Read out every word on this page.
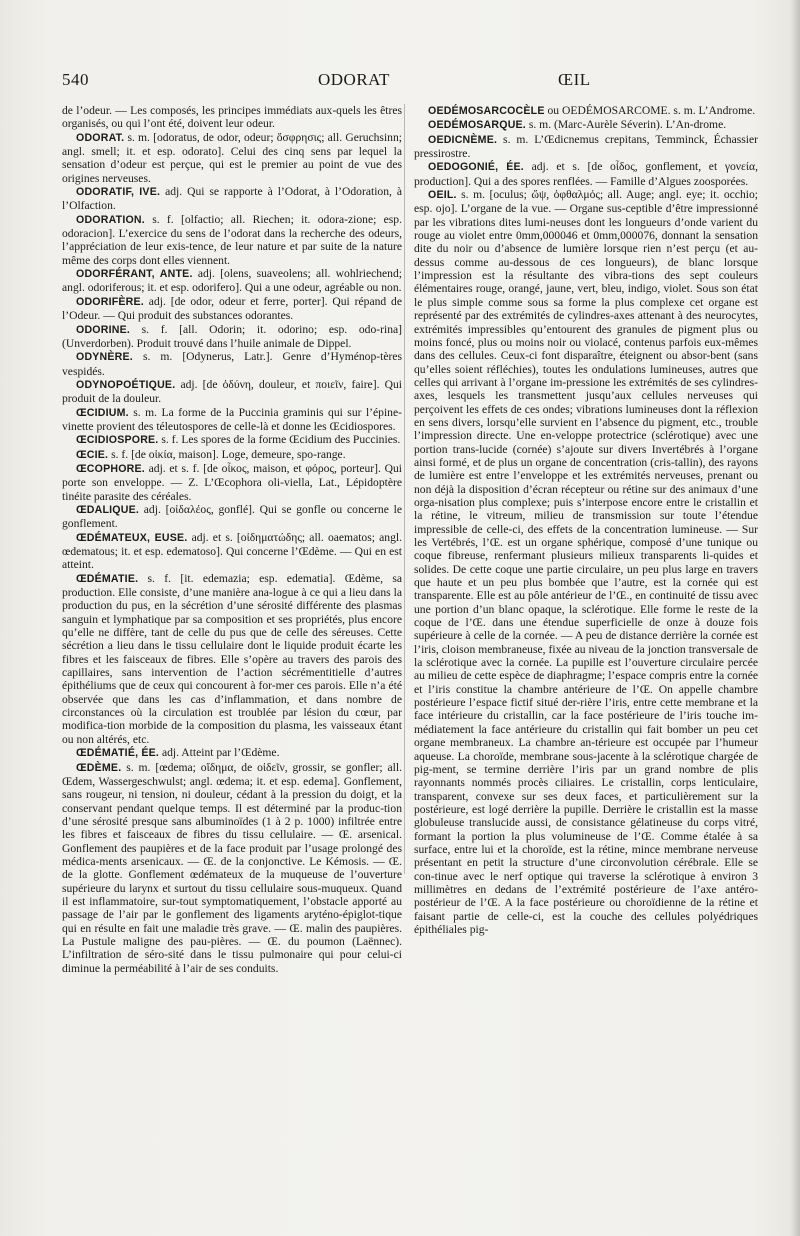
540	ODORAT	ŒIL

de l’odeur. — Les composés, les principes immédiats aux-quels les êtres organisés, ou qui l’ont été, doivent leur odeur.

ODORAT. s. m. [odoratus, de odor, odeur; ὄσφρησις; all. Geruchsinn; angl. smell; it. et esp. odorato]. Celui des cinq sens par lequel la sensation d’odeur est perçue, qui est le premier au point de vue des origines nerveuses.

ODORATIF, IVE. adj. Qui se rapporte à l’Odorat, à l’Odoration, à l’Olfaction.

ODORATION. s. f. [olfactio; all. Riechen; it. odora-zione; esp. odoracion]. L’exercice du sens de l’odorat dans la recherche des odeurs, l’appréciation de leur exis-tence, de leur nature et par suite de la nature même des corps dont elles viennent.

ODORFÉRANT, ANTE. adj. [olens, suaveolens; all. wohlriechend; angl. odoriferous; it. et esp. odorifero]. Qui a une odeur, agréable ou non.

ODORIFÈRE. adj. [de odor, odeur et ferre, porter]. Qui répand de l’Odeur. — Qui produit des substances odorantes.

ODORINE. s. f. [all. Odorin; it. odorino; esp. odo-rina] (Unverdorben). Produit trouvé dans l’huile animale de Dippel.

ODYNÈRE. s. m. [Odynerus, Latr.]. Genre d’Hyménop-tères vespidés.

ODYNOPOÉTIQUE. adj. [de ὀδύνη, douleur, et ποιεῖν, faire]. Qui produit de la douleur.

ŒCIDIUM. s. m. La forme de la Puccinia graminis qui sur l’épine-vinette provient des téleutospores de celle-là et donne les Œcidiospores.

ŒCIDIOSPORE. s. f. Les spores de la forme Œcidium des Puccinies.

ŒCIE. s. f. [de οἰκία, maison]. Loge, demeure, spo-range.

ŒCOPHORE. adj. et s. f. [de οἶκος, maison, et φόρος, porteur]. Qui porte son enveloppe. — Z. L’Œcophora oli-viella, Lat., Lépidoptère tinéite parasite des céréales.

ŒDALIQUE. adj. [οἰδαλέος, gonflé]. Qui se gonfle ou concerne le gonflement.

ŒDÉMATEUX, EUSE. adj. et s. [οἰδηματώδης; all. oaematos; angl. œdematous; it. et esp. edematoso]. Qui concerne l’Œdème. — Qui en est atteint.

ŒDÉMATIE. s. f. [it. edemazia; esp. edematia]. Œdème, sa production. Elle consiste, d’une manière ana-logue à ce qui a lieu dans la production du pus, en la sécrétion d’une sérosité différente des plasmas sanguin et lymphatique par sa composition et ses propriétés, plus encore qu’elle ne diffère, tant de celle du pus que de celle des séreuses. Cette sécrétion a lieu dans le tissu cellulaire dont le liquide produit écarte les fibres et les faisceaux de fibres. Elle s’opère au travers des parois des capillaires, sans intervention de l’action sécrémentitielle d’autres épithéliums que de ceux qui concourent à for-mer ces parois. Elle n’a été observée que dans les cas d’inflammation, et dans nombre de circonstances où la circulation est troublée par lésion du cœur, par modifica-tion morbide de la composition du plasma, les vaisseaux étant ou non altérés, etc.

ŒDÉMATIÉ, ÉE. adj. Atteint par l’Œdème.

ŒDÈME. s. m. [œdema; οἴδημα, de οἰδεῖν, grossir, se gonfler; all. Œdem, Wassergeschwulst; angl. œdema; it. et esp. edema]. Gonflement, sans rougeur, ni tension, ni douleur, cédant à la pression du doigt, et la conservant pendant quelque temps. Il est déterminé par la produc-tion d’une sérosité presque sans albuminoïdes (1 à 2 p. 1000) infiltrée entre les fibres et faisceaux de fibres du tissu cellulaire. — Œ. arsenical. Gonflement des paupières et de la face produit par l’usage prolongé des médica-ments arsenicaux. — Œ. de la conjonctive. Le Kémosis. — Œ. de la glotte. Gonflement œdémateux de la muqueuse de l’ouverture supérieure du larynx et surtout du tissu cellulaire sous-muqueux. Quand il est inflammatoire, sur-tout symptomatiquement, l’obstacle apporté au passage de l’air par le gonflement des ligaments aryténo-épiglot-tique qui en résulte en fait une maladie très grave. — Œ. malin des paupières. La Pustule maligne des pau-pières. — Œ. du poumon (Laënnec). L’infiltration de séro-sité dans le tissu pulmonaire qui pour celui-ci diminue la perméabilité à l’air de ses conduits.

OEDÉMOSARCOCÈLE ou OEDÉMOSARCOME. s. m. L’Androme.

OEDÉMOSARQUE. s. m. (Marc-Aurèle Séverin). L’An-drome.

OEDICNÈME. s. m. L’Œdicnemus crepitans, Temminck, Échassier pressirostre.

OEDOGONIÉ, ÉE. adj. et s. [de οἶδος, gonflement, et γονεία, production]. Qui a des spores renflées. — Famille d’Algues zoosporées.

OEIL. s. m. [oculus; ὤψ, ὀφθαλμός; all. Auge; angl. eye; it. occhio; esp. ojo]. L’organe de la vue. — Organe sus-ceptible d’être impressionné par les vibrations dites lumi-neuses dont les longueurs d’onde varient du rouge au violet entre 0mm,000046 et 0mm,000076, donnant la sensation dite du noir ou d’absence de lumière lorsque rien n’est perçu (et au-dessus comme au-dessous de ces longueurs), de blanc lorsque l’impression est la résultante des vibra-tions des sept couleurs élémentaires rouge, orangé, jaune, vert, bleu, indigo, violet. Sous son état le plus simple comme sous sa forme la plus complexe cet organe est représenté par des extrémités de cylindres-axes attenant à des neurocytes, extrémités impressibles qu’entourent des granules de pigment plus ou moins foncé, plus ou moins noir ou violacé, contenus parfois eux-mêmes dans des cellules. Ceux-ci font disparaître, éteignent ou absor-bent (sans qu’elles soient réfléchies), toutes les ondulations lumineuses, autres que celles qui arrivant à l’organe im-pressione les extrémités de ses cylindres-axes, lesquels les transmettent jusqu’aux cellules nerveuses qui perçoivent les effets de ces ondes; vibrations lumineuses dont la réflexion en sens divers, lorsqu’elle survient en l’absence du pigment, etc., trouble l’impression directe. Une en-veloppe protectrice (sclérotique) avec une portion trans-lucide (cornée) s’ajoute sur divers Invertébrés à l’organe ainsi formé, et de plus un organe de concentration (cris-tallin), des rayons de lumière est entre l’enveloppe et les extrémités nerveuses, prenant ou non déjà la disposition d’écran récepteur ou rétine sur des animaux d’une orga-nisation plus complexe; puis s’interpose encore entre le cristallin et la rétine, le vitreum, milieu de transmission sur toute l’étendue impressible de celle-ci, des effets de la concentration lumineuse. — Sur les Vertébrés, l’Œ. est un organe sphérique, composé d’une tunique ou coque fibreuse, renfermant plusieurs milieux transparents li-quides et solides. De cette coque une partie circulaire, un peu plus large en travers que haute et un peu plus bombée que l’autre, est la cornée qui est transparente. Elle est au pôle antérieur de l’Œ., en continuité de tissu avec une portion d’un blanc opaque, la sclérotique. Elle forme le reste de la coque de l’Œ. dans une étendue superficielle de onze à douze fois supérieure à celle de la cornée. — A peu de distance derrière la cornée est l’iris, cloison membraneuse, fixée au niveau de la jonction transversale de la sclérotique avec la cornée. La pupille est l’ouverture circulaire percée au milieu de cette espèce de diaphragme; l’espace compris entre la cornée et l’iris constitue la chambre antérieure de l’Œ. On appelle chambre postérieure l’espace fictif situé der-rière l’iris, entre cette membrane et la face intérieure du cristallin, car la face postérieure de l’iris touche im-médiatement la face antérieure du cristallin qui fait bomber un peu cet organe membraneux. La chambre an-térieure est occupée par l’humeur aqueuse. La choroïde, membrane sous-jacente à la sclérotique chargée de pig-ment, se termine derrière l’iris par un grand nombre de plis rayonnants nommés procès ciliaires. Le cristallin, corps lenticulaire, transparent, convexe sur ses deux faces, et particulièrement sur la postérieure, est logé derrière la pupille. Derrière le cristallin est la masse globuleuse translucide aussi, de consistance gélatineuse du corps vitré, formant la portion la plus volumineuse de l’Œ. Comme étalée à sa surface, entre lui et la choroïde, est la rétine, mince membrane nerveuse présentant en petit la structure d’une circonvolution cérébrale. Elle se con-tinue avec le nerf optique qui traverse la sclérotique à environ 3 millimètres en dedans de l’extrémité postérieure de l’axe antéro-postérieur de l’Œ. A la face postérieure ou choroïdienne de la rétine et faisant partie de celle-ci, est la couche des cellules polyédriques épithéliales pig-
